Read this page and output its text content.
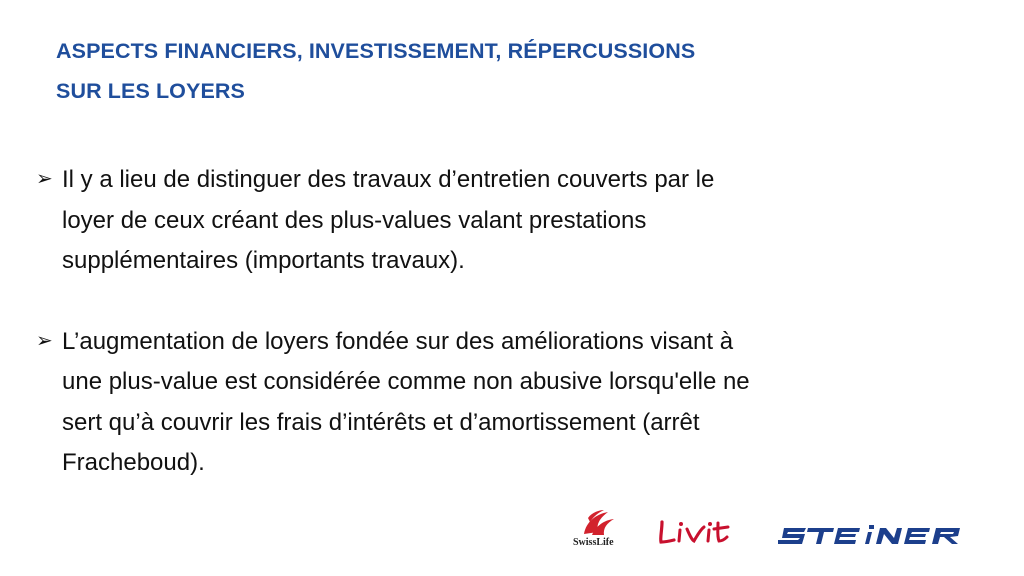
ASPECTS FINANCIERS, INVESTISSEMENT, RÉPERCUSSIONS
SUR LES LOYERS
➢ Il y a lieu de distinguer des travaux d’entretien couverts par le
loyer de ceux créant des plus-values valant prestations
supplémentaires (importants travaux).
➢ L’augmentation de loyers fondée sur des améliorations visant à
une plus-value est considérée comme non abusive lorsqu'elle ne
sert qu’à couvrir les frais d’intérêts et d’amortissement (arrêt
Fracheboud).
SwissLife
